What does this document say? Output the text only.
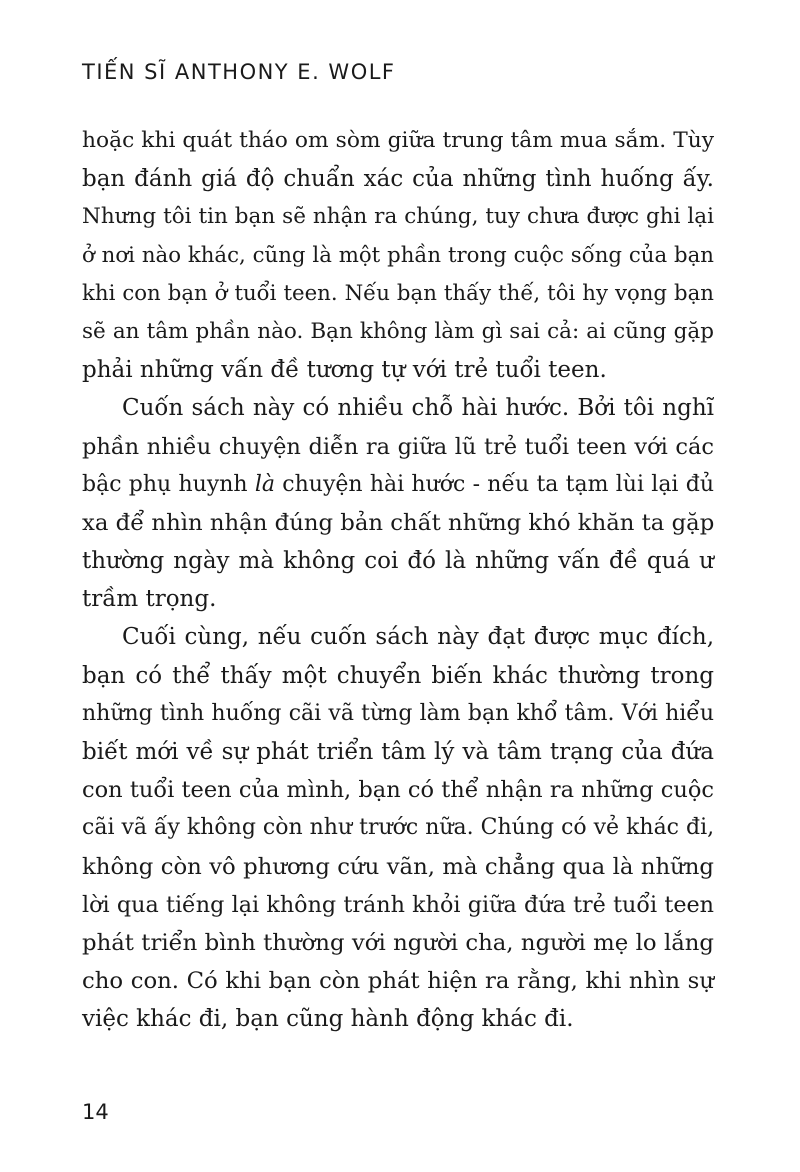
TIẾN SĨ ANTHONY E. WOLF
hoặc khi quát tháo om sòm giữa trung tâm mua sắm. Tùy
bạn đánh giá độ chuẩn xác của những tình huống ấy.
Nhưng tôi tin bạn sẽ nhận ra chúng, tuy chưa được ghi lại
ở nơi nào khác, cũng là một phần trong cuộc sống của bạn
khi con bạn ở tuổi teen. Nếu bạn thấy thế, tôi hy vọng bạn
sẽ an tâm phần nào. Bạn không làm gì sai cả: ai cũng gặp
phải những vấn đề tương tự với trẻ tuổi teen.
Cuốn sách này có nhiều chỗ hài hước. Bởi tôi nghĩ
phần nhiều chuyện diễn ra giữa lũ trẻ tuổi teen với các
bậc phụ huynh là chuyện hài hước - nếu ta tạm lùi lại đủ
xa để nhìn nhận đúng bản chất những khó khăn ta gặp
thường ngày mà không coi đó là những vấn đề quá ư
trầm trọng.
Cuối cùng, nếu cuốn sách này đạt được mục đích,
bạn có thể thấy một chuyển biến khác thường trong
những tình huống cãi vã từng làm bạn khổ tâm. Với hiểu
biết mới về sự phát triển tâm lý và tâm trạng của đứa
con tuổi teen của mình, bạn có thể nhận ra những cuộc
cãi vã ấy không còn như trước nữa. Chúng có vẻ khác đi,
không còn vô phương cứu vãn, mà chẳng qua là những
lời qua tiếng lại không tránh khỏi giữa đứa trẻ tuổi teen
phát triển bình thường với người cha, người mẹ lo lắng
cho con. Có khi bạn còn phát hiện ra rằng, khi nhìn sự
việc khác đi, bạn cũng hành động khác đi.
14
